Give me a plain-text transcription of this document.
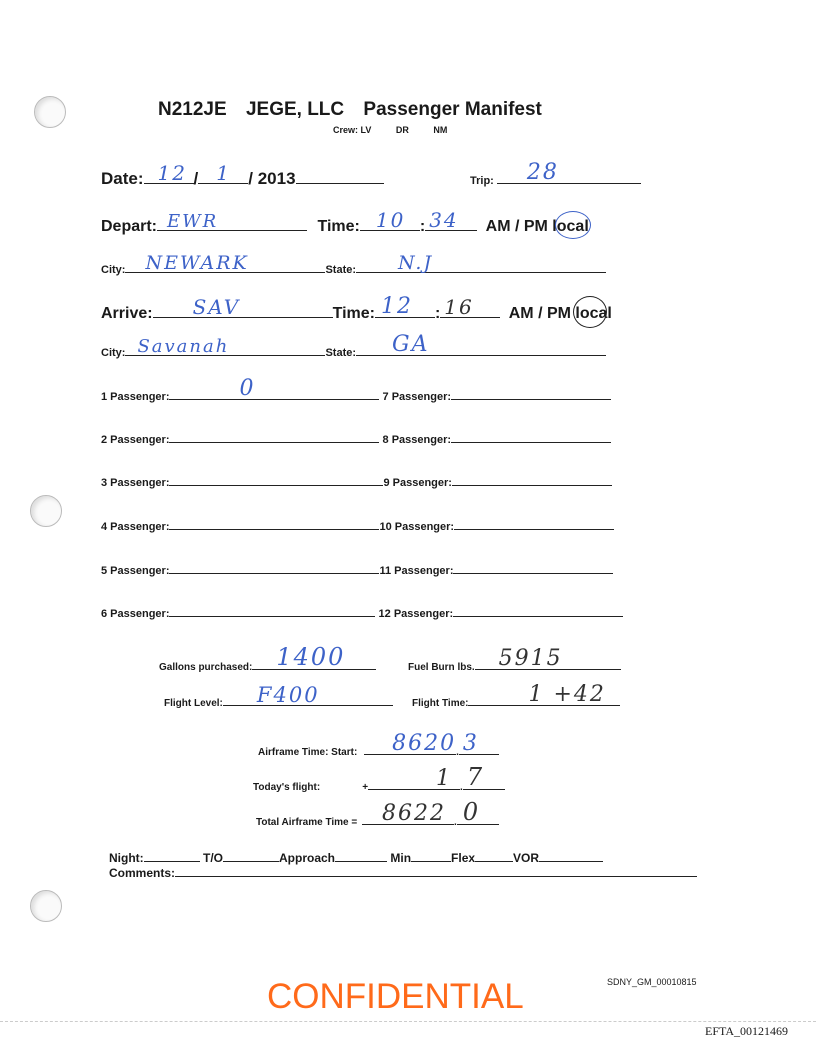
N212JE JEGE, LLC Passenger Manifest
Crew: LV	DR	NM
Date: 12 / 1 / 2013	Trip: 28
Depart: EWR	Time: 10 : 34 AM / PM local
City: NEWARK	State: N.J
Arrive: SAV	Time: 12 : 16 AM / PM local
City: Savanah	State: GA
1 Passenger:	0	7 Passenger:
2 Passenger:	8 Passenger:
3 Passenger:	9 Passenger:
4 Passenger:	10 Passenger:
5 Passenger:	11 Passenger:
6 Passenger:	12 Passenger:
Gallons purchased: 1400	Fuel Burn lbs. 5915
Flight Level: F400	Flight Time:	1 +42
Airframe Time: Start: 8620 . 3
Today's flight:	+	1 . 7
Total Airframe Time = 8622 . 0
Night:	T/O	Approach	Min	Flex	VOR
Comments:
SDNY_GM_00010815
CONFIDENTIAL
EFTA_00121469
